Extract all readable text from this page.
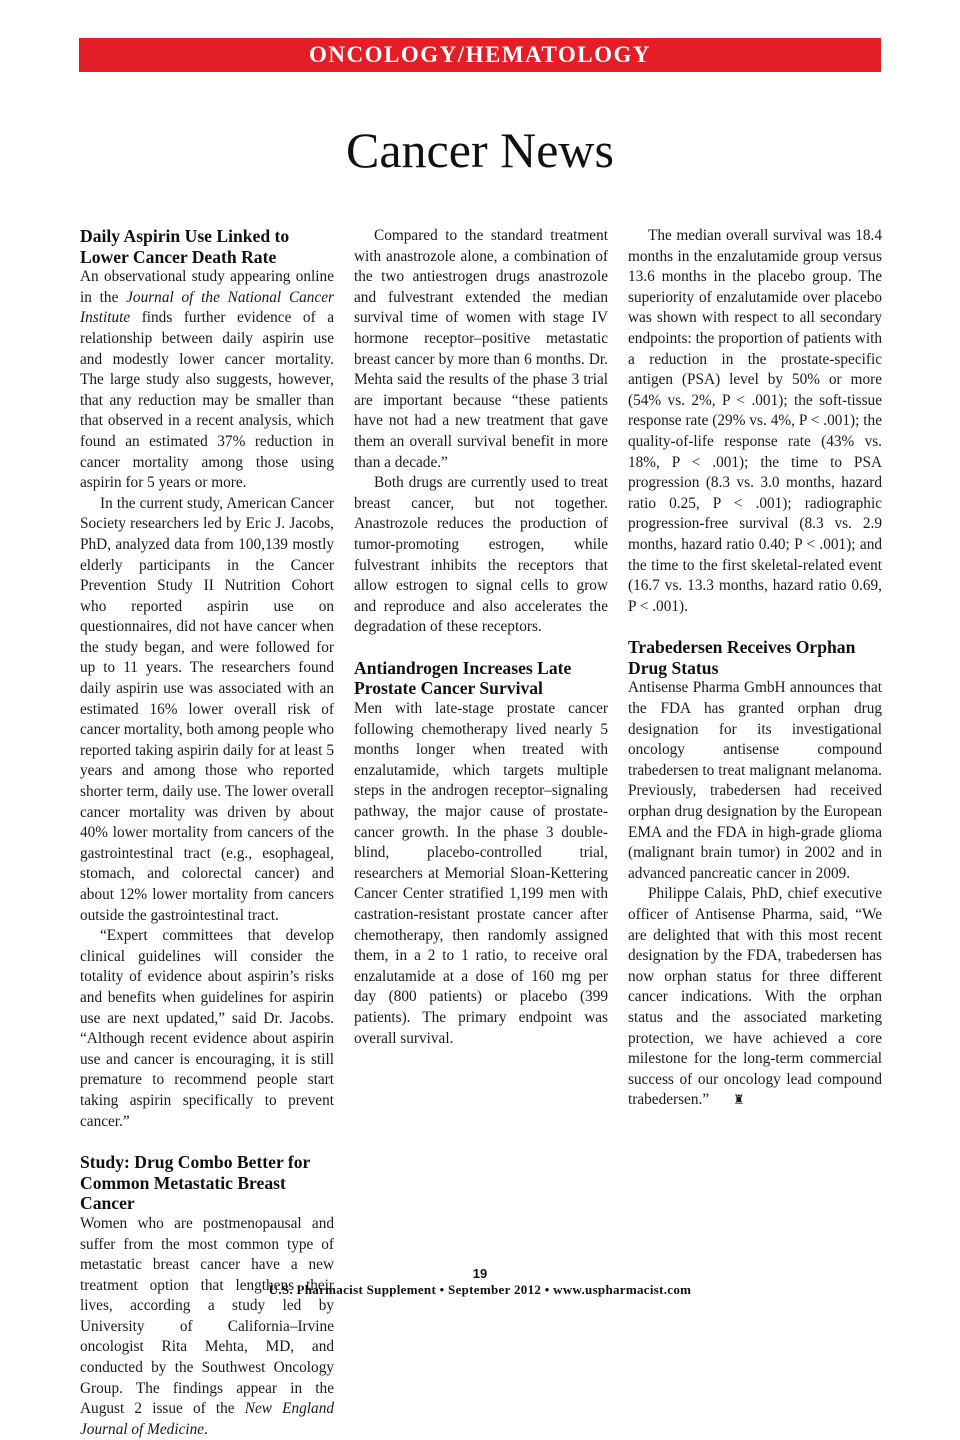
ONCOLOGY/HEMATOLOGY
Cancer News
Daily Aspirin Use Linked to Lower Cancer Death Rate

An observational study appearing online in the Journal of the National Cancer Institute finds further evidence of a relationship between daily aspirin use and modestly lower cancer mortality. The large study also suggests, however, that any reduction may be smaller than that observed in a recent analysis, which found an estimated 37% reduction in cancer mortality among those using aspirin for 5 years or more.

In the current study, American Cancer Society researchers led by Eric J. Jacobs, PhD, analyzed data from 100,139 mostly elderly participants in the Cancer Prevention Study II Nutrition Cohort who reported aspirin use on questionnaires, did not have cancer when the study began, and were followed for up to 11 years. The researchers found daily aspirin use was associated with an estimated 16% lower overall risk of cancer mortality, both among people who reported taking aspirin daily for at least 5 years and among those who reported shorter term, daily use. The lower overall cancer mortality was driven by about 40% lower mortality from cancers of the gastrointestinal tract (e.g., esophageal, stomach, and colorectal cancer) and about 12% lower mortality from cancers outside the gastrointestinal tract.

“Expert committees that develop clinical guidelines will consider the totality of evidence about aspirin’s risks and benefits when guidelines for aspirin use are next updated,” said Dr. Jacobs. “Although recent evidence about aspirin use and cancer is encouraging, it is still premature to recommend people start taking aspirin specifically to prevent cancer.”

Study: Drug Combo Better for Common Metastatic Breast Cancer

Women who are postmenopausal and suffer from the most common type of metastatic breast cancer have a new treatment option that lengthens their lives, according a study led by University of California–Irvine oncologist Rita Mehta, MD, and conducted by the Southwest Oncology Group. The findings appear in the August 2 issue of the New England Journal of Medicine.

Compared to the standard treatment with anastrozole alone, a combination of the two antiestrogen drugs anastrozole and fulvestrant extended the median survival time of women with stage IV hormone receptor–positive metastatic breast cancer by more than 6 months. Dr. Mehta said the results of the phase 3 trial are important because “these patients have not had a new treatment that gave them an overall survival benefit in more than a decade.”

Both drugs are currently used to treat breast cancer, but not together. Anastrozole reduces the production of tumor-promoting estrogen, while fulvestrant inhibits the receptors that allow estrogen to signal cells to grow and reproduce and also accelerates the degradation of these receptors.

Antiandrogen Increases Late Prostate Cancer Survival

Men with late-stage prostate cancer following chemotherapy lived nearly 5 months longer when treated with enzalutamide, which targets multiple steps in the androgen receptor–signaling pathway, the major cause of prostate-cancer growth. In the phase 3 double-blind, placebo-controlled trial, researchers at Memorial Sloan-Kettering Cancer Center stratified 1,199 men with castration-resistant prostate cancer after chemotherapy, then randomly assigned them, in a 2 to 1 ratio, to receive oral enzalutamide at a dose of 160 mg per day (800 patients) or placebo (399 patients). The primary endpoint was overall survival.

The median overall survival was 18.4 months in the enzalutamide group versus 13.6 months in the placebo group. The superiority of enzalutamide over placebo was shown with respect to all secondary endpoints: the proportion of patients with a reduction in the prostate-specific antigen (PSA) level by 50% or more (54% vs. 2%, P < .001); the soft-tissue response rate (29% vs. 4%, P < .001); the quality-of-life response rate (43% vs. 18%, P < .001); the time to PSA progression (8.3 vs. 3.0 months, hazard ratio 0.25, P < .001); radiographic progression-free survival (8.3 vs. 2.9 months, hazard ratio 0.40; P < .001); and the time to the first skeletal-related event (16.7 vs. 13.3 months, hazard ratio 0.69, P < .001).

Trabedersen Receives Orphan Drug Status

Antisense Pharma GmbH announces that the FDA has granted orphan drug designation for its investigational oncology antisense compound trabedersen to treat malignant melanoma. Previously, trabedersen had received orphan drug designation by the European EMA and the FDA in high-grade glioma (malignant brain tumor) in 2002 and in advanced pancreatic cancer in 2009.

Philippe Calais, PhD, chief executive officer of Antisense Pharma, said, “We are delighted that with this most recent designation by the FDA, trabedersen has now orphan status for three different cancer indications. With the orphan status and the associated marketing protection, we have achieved a core milestone for the long-term commercial success of our oncology lead compound trabedersen.” ♜

19
U.S. Pharmacist Supplement • September 2012 • www.uspharmacist.com
